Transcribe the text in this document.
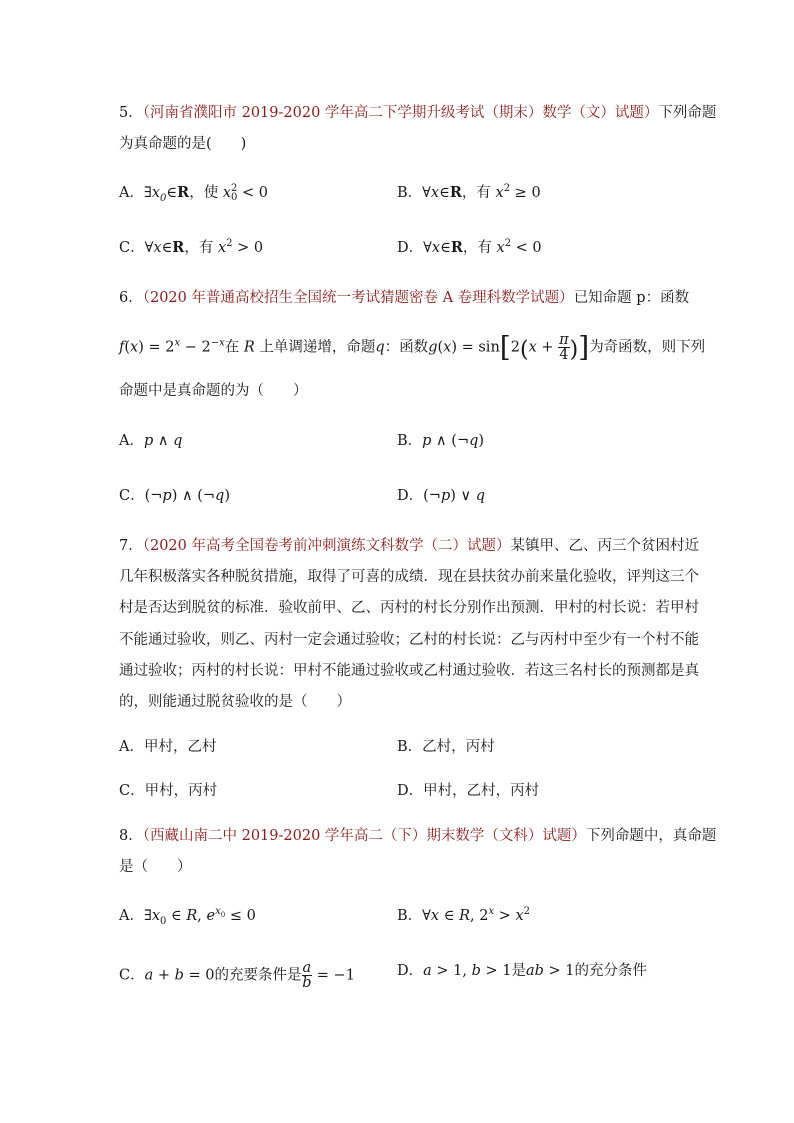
5．（河南省濮阳市 2019-2020 学年高二下学期升级考试（期末）数学（文）试题）下列命题
为真命题的是(　　)
A．$\exists x_0\in R$，使 x 2
0 < 0	B．∀x∈R，有 $x^2 \ge 0$
C．∀x∈R，有 $x^2 > 0$	D．∀x∈R，有 $x^2 < 0$
6．（2020 年普通高校招生全国统一考试猜题密卷 A 卷理科数学试题）已知命题 p：函数
$f(x) = 2^x - 2^{-x}$在 R 上单调递增，命题q：函数$g(x) = \sin[2(x + \frac{\pi}{4}$ )]为奇函数，则下列
命题中是真命题的为（　　）
A．p ∧ q	B．p ∧ (¬q)
C．(¬p) ∧ (¬q)	D．(¬p) ∨ q
7．（2020 年高考全国卷考前冲刺演练文科数学（二）试题）某镇甲、乙、丙三个贫困村近
几年积极落实各种脱贫措施，取得了可喜的成绩．现在县扶贫办前来量化验收，评判这三个
村是否达到脱贫的标准．验收前甲、乙、丙村的村长分别作出预测．甲村的村长说：若甲村
不能通过验收，则乙、丙村一定会通过验收；乙村的村长说：乙与丙村中至少有一个村不能
通过验收；丙村的村长说：甲村不能通过验收或乙村通过验收．若这三名村长的预测都是真
的，则能通过脱贫验收的是（　　）
A．甲村，乙村	B．乙村，丙村
C．甲村，丙村	D．甲村，乙村，丙村
8．（西藏山南二中 2019-2020 学年高二（下）期末数学（文科）试题）下列命题中，真命题
是（　　）
A．$\exists x_0$ ∈ R, $e^{x_0} \le 0$	B．∀x ∈ R, $2^x > x^2$
C．a + b = 0的充要条件是 $\frac{a}{b} = -1$	D．a > 1, b > 1是ab > 1的充分条件
